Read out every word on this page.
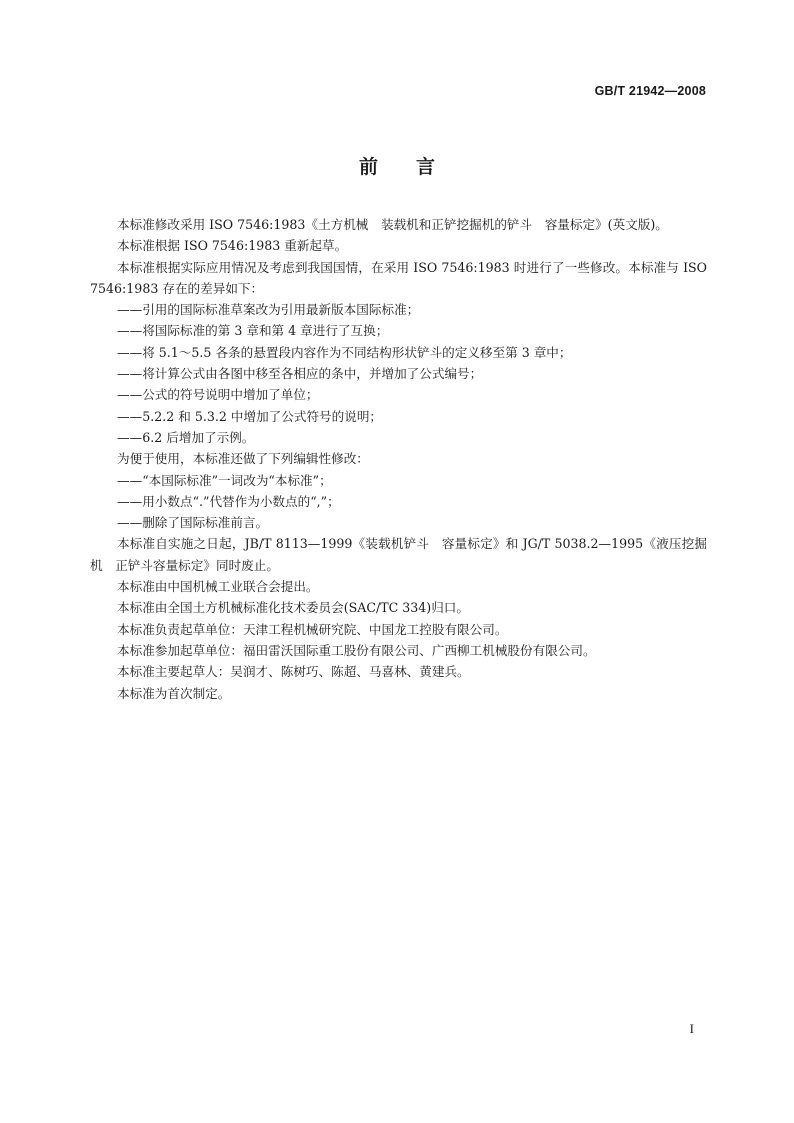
GB/T 21942—2008
前言

本标准修改采用 ISO 7546:1983《土方机械　装载机和正铲挖掘机的铲斗　容量标定》(英文版)。

本标准根据 ISO 7546:1983 重新起草。

本标准根据实际应用情况及考虑到我国国情，在采用 ISO 7546:1983 时进行了一些修改。本标准与 ISO 7546:1983 存在的差异如下：

——引用的国际标准草案改为引用最新版本国际标准；

——将国际标准的第 3 章和第 4 章进行了互换；

——将 5.1～5.5 各条的悬置段内容作为不同结构形状铲斗的定义移至第 3 章中；

——将计算公式由各图中移至各相应的条中，并增加了公式编号；

——公式的符号说明中增加了单位；

——5.2.2 和 5.3.2 中增加了公式符号的说明；

——6.2 后增加了示例。

为便于使用，本标准还做了下列编辑性修改：

——“本国际标准”一词改为“本标准”；

——用小数点“.”代替作为小数点的“,”；

——删除了国际标准前言。

本标准自实施之日起，JB/T 8113—1999《装载机铲斗　容量标定》和 JG/T 5038.2—1995《液压挖掘机　正铲斗容量标定》同时废止。

本标准由中国机械工业联合会提出。

本标准由全国土方机械标准化技术委员会(SAC/TC 334)归口。

本标准负责起草单位：天津工程机械研究院、中国龙工控股有限公司。

本标准参加起草单位：福田雷沃国际重工股份有限公司、广西柳工机械股份有限公司。

本标准主要起草人：吴润才、陈树巧、陈超、马喜林、黄建兵。

本标准为首次制定。

I
